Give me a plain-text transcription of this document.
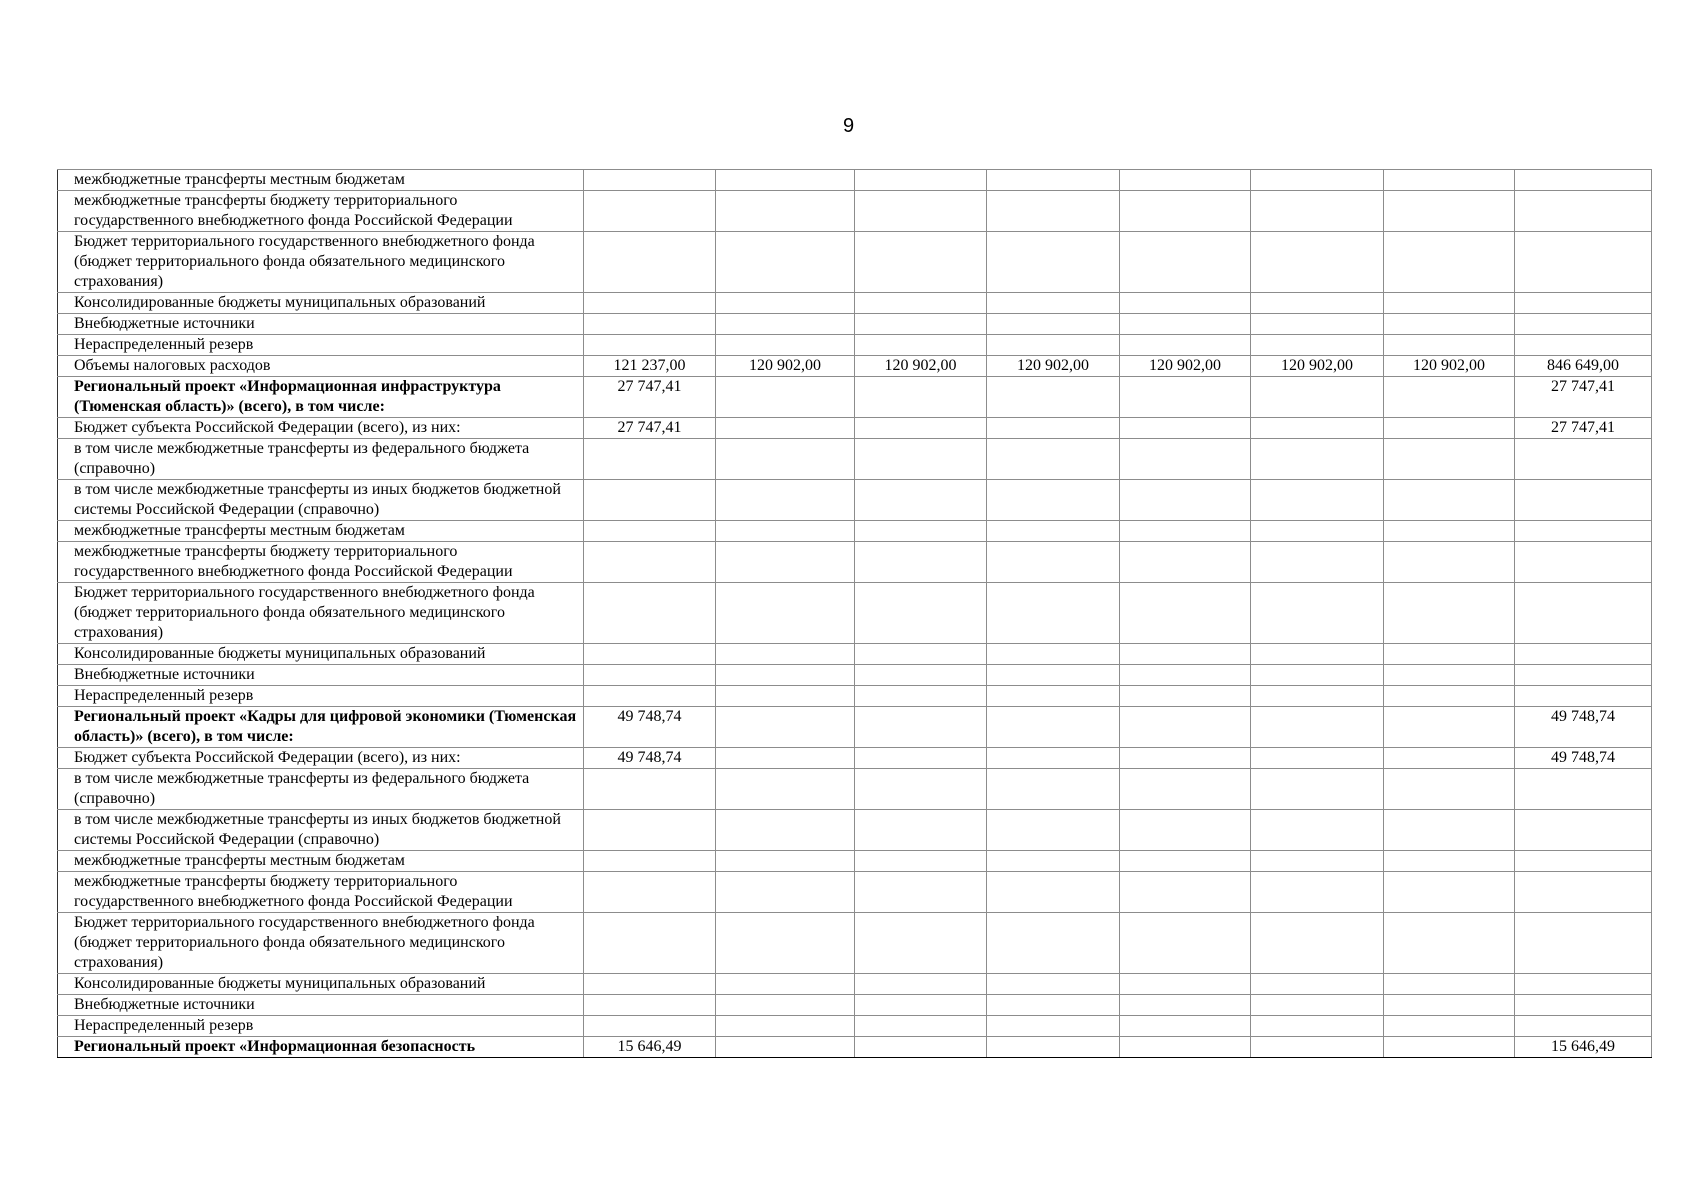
9
межбюджетные трансферты местным бюджетам								
межбюджетные трансферты бюджету территориального государственного внебюджетного фонда Российской Федерации								
Бюджет территориального государственного внебюджетного фонда (бюджет территориального фонда обязательного медицинского страхования)								
Консолидированные бюджеты муниципальных образований								
Внебюджетные источники								
Нераспределенный резерв								
Объемы налоговых расходов	121 237,00	120 902,00	120 902,00	120 902,00	120 902,00	120 902,00	120 902,00	846 649,00
Региональный проект «Информационная инфраструктура (Тюменская область)» (всего), в том числе:	27 747,41							27 747,41
Бюджет субъекта Российской Федерации (всего), из них:	27 747,41							27 747,41
в том числе межбюджетные трансферты из федерального бюджета (справочно)								
в том числе межбюджетные трансферты из иных бюджетов бюджетной системы Российской Федерации (справочно)								
межбюджетные трансферты местным бюджетам								
межбюджетные трансферты бюджету территориального государственного внебюджетного фонда Российской Федерации								
Бюджет территориального государственного внебюджетного фонда (бюджет территориального фонда обязательного медицинского страхования)								
Консолидированные бюджеты муниципальных образований								
Внебюджетные источники								
Нераспределенный резерв								
Региональный проект «Кадры для цифровой экономики (Тюменская область)» (всего), в том числе:	49 748,74							49 748,74
Бюджет субъекта Российской Федерации (всего), из них:	49 748,74							49 748,74
в том числе межбюджетные трансферты из федерального бюджета (справочно)								
в том числе межбюджетные трансферты из иных бюджетов бюджетной системы Российской Федерации (справочно)								
межбюджетные трансферты местным бюджетам								
межбюджетные трансферты бюджету территориального государственного внебюджетного фонда Российской Федерации								
Бюджет территориального государственного внебюджетного фонда (бюджет территориального фонда обязательного медицинского страхования)								
Консолидированные бюджеты муниципальных образований								
Внебюджетные источники								
Нераспределенный резерв								
Региональный проект «Информационная безопасность	15 646,49							15 646,49
